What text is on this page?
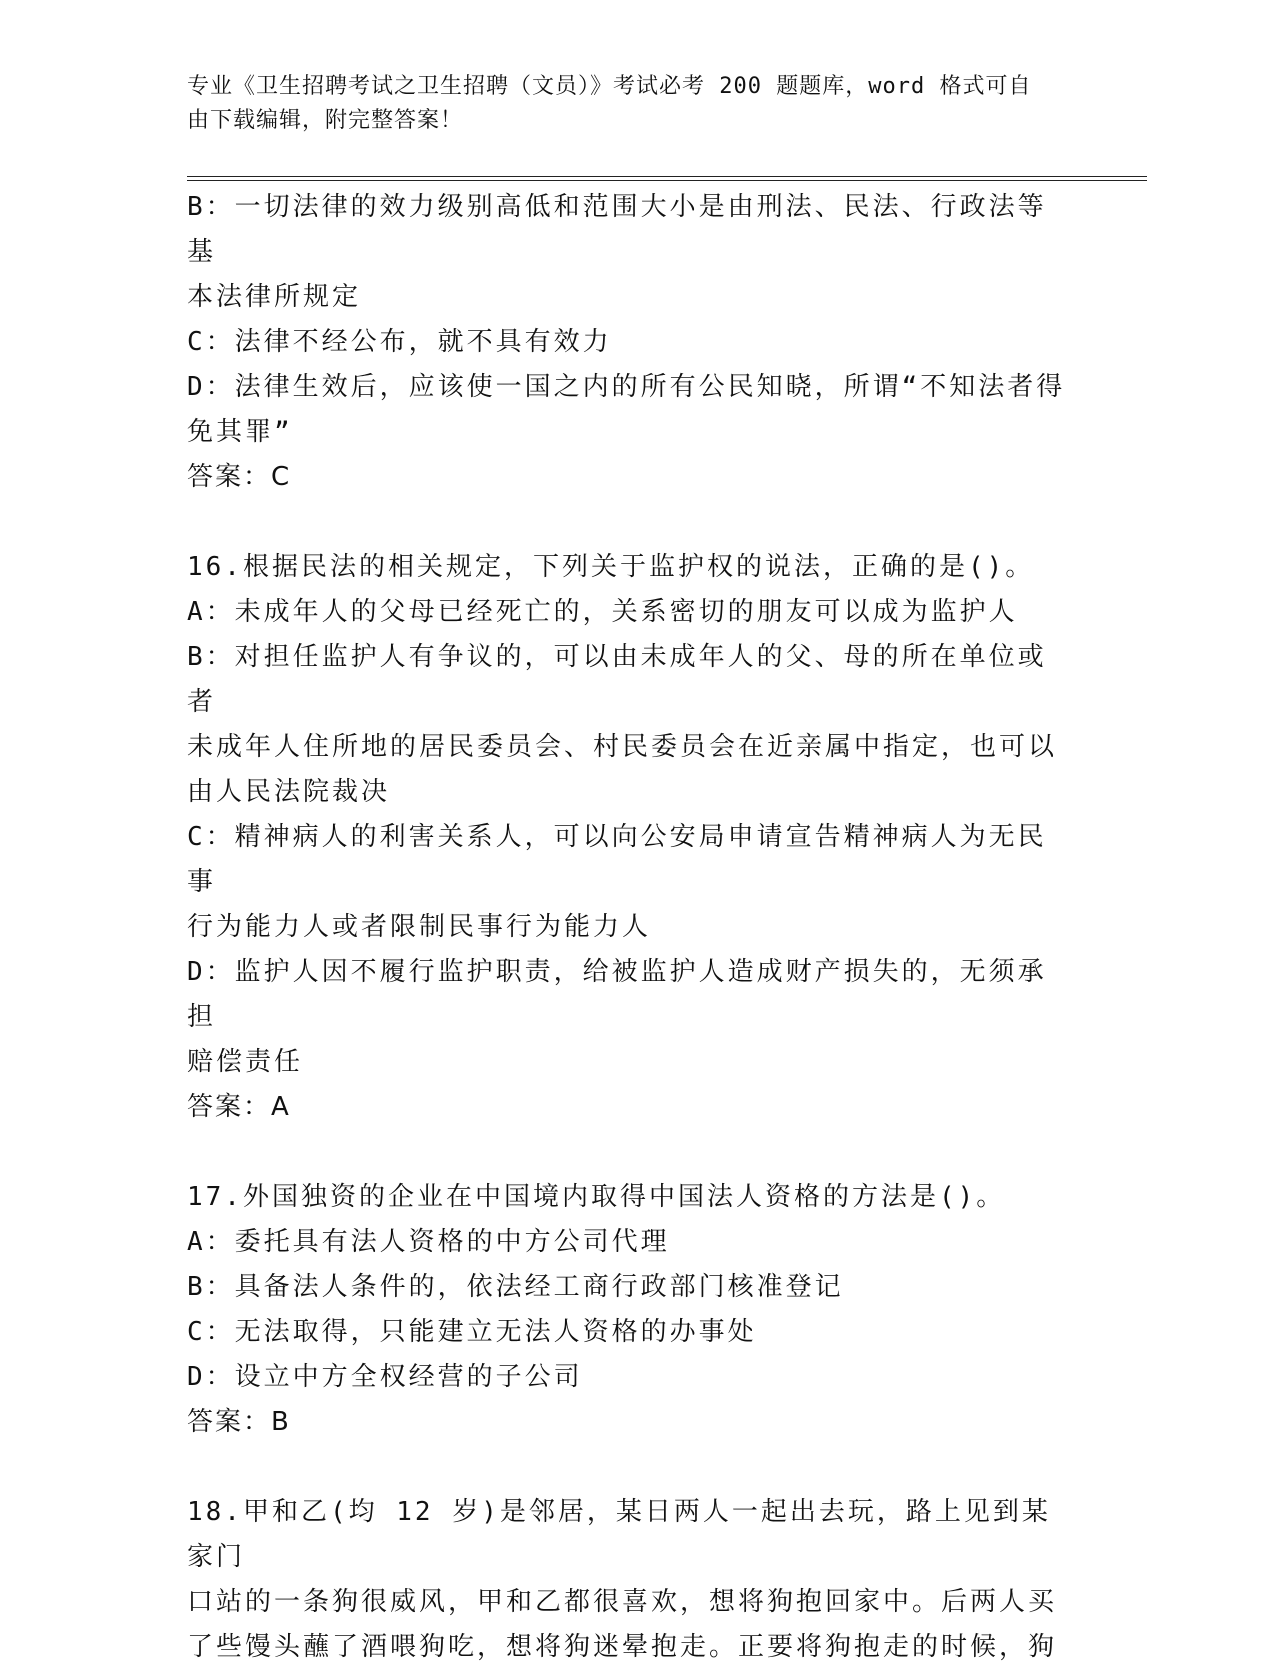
专业《卫生招聘考试之卫生招聘（文员）》考试必考 200 题题库，word 格式可自
由下载编辑，附完整答案！
B：一切法律的效力级别高低和范围大小是由刑法、民法、行政法等基
本法律所规定
C：法律不经公布，就不具有效力
D：法律生效后，应该使一国之内的所有公民知晓，所谓“不知法者得
免其罪”
答案：C
16.根据民法的相关规定，下列关于监护权的说法，正确的是()。
A：未成年人的父母已经死亡的，关系密切的朋友可以成为监护人
B：对担任监护人有争议的，可以由未成年人的父、母的所在单位或者
未成年人住所地的居民委员会、村民委员会在近亲属中指定，也可以
由人民法院裁决
C：精神病人的利害关系人，可以向公安局申请宣告精神病人为无民事
行为能力人或者限制民事行为能力人
D：监护人因不履行监护职责，给被监护人造成财产损失的，无须承担
赔偿责任
答案：A
17.外国独资的企业在中国境内取得中国法人资格的方法是()。
A：委托具有法人资格的中方公司代理
B：具备法人条件的，依法经工商行政部门核准登记
C：无法取得，只能建立无法人资格的办事处
D：设立中方全权经营的子公司
答案：B
18.甲和乙(均 12 岁)是邻居，某日两人一起出去玩，路上见到某家门
口站的一条狗很威风，甲和乙都很喜欢，想将狗抱回家中。后两人买
了些馒头蘸了酒喂狗吃，想将狗迷晕抱走。正要将狗抱走的时候，狗
